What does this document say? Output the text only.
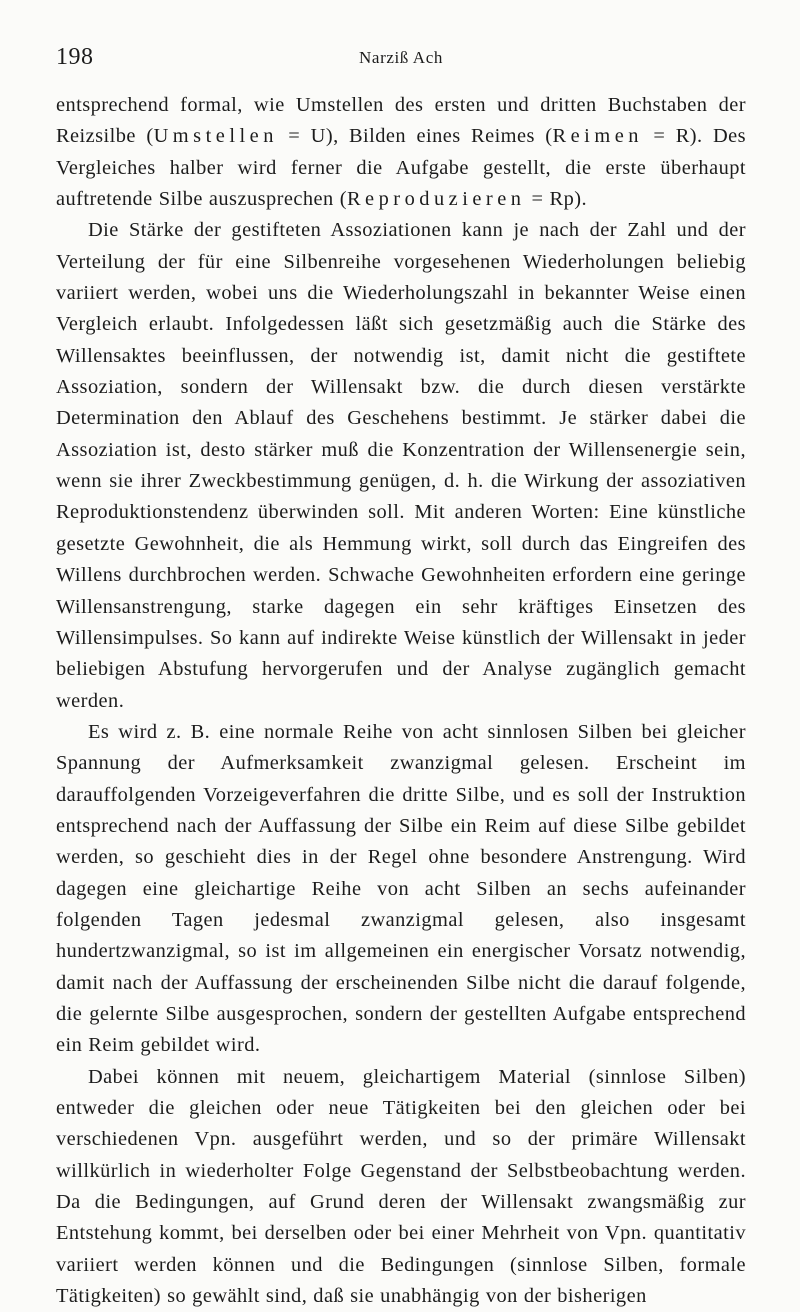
198	Narziß Ach

entsprechend formal, wie Umstellen des ersten und dritten Buchstaben der Reizsilbe (Umstellen = U), Bilden eines Reimes (Reimen = R). Des Vergleiches halber wird ferner die Aufgabe gestellt, die erste überhaupt auftretende Silbe auszusprechen (Reproduzieren = Rp).

Die Stärke der gestifteten Assoziationen kann je nach der Zahl und der Verteilung der für eine Silbenreihe vorgesehenen Wiederholungen beliebig variiert werden, wobei uns die Wiederholungszahl in bekannter Weise einen Vergleich erlaubt. Infolgedessen läßt sich gesetzmäßig auch die Stärke des Willensaktes beeinflussen, der notwendig ist, damit nicht die gestiftete Assoziation, sondern der Willensakt bzw. die durch diesen verstärkte Determination den Ablauf des Geschehens bestimmt. Je stärker dabei die Assoziation ist, desto stärker muß die Konzentration der Willensenergie sein, wenn sie ihrer Zweckbestimmung genügen, d. h. die Wirkung der assoziativen Reproduktionstendenz überwinden soll. Mit anderen Worten: Eine künstliche gesetzte Gewohnheit, die als Hemmung wirkt, soll durch das Eingreifen des Willens durchbrochen werden. Schwache Gewohnheiten erfordern eine geringe Willensanstrengung, starke dagegen ein sehr kräftiges Einsetzen des Willensimpulses. So kann auf indirekte Weise künstlich der Willensakt in jeder beliebigen Abstufung hervorgerufen und der Analyse zugänglich gemacht werden.

Es wird z. B. eine normale Reihe von acht sinnlosen Silben bei gleicher Spannung der Aufmerksamkeit zwanzigmal gelesen. Erscheint im darauffolgenden Vorzeigeverfahren die dritte Silbe, und es soll der Instruktion entsprechend nach der Auffassung der Silbe ein Reim auf diese Silbe gebildet werden, so geschieht dies in der Regel ohne besondere Anstrengung. Wird dagegen eine gleichartige Reihe von acht Silben an sechs aufeinander folgenden Tagen jedesmal zwanzigmal gelesen, also insgesamt hundertzwanzigmal, so ist im allgemeinen ein energischer Vorsatz notwendig, damit nach der Auffassung der erscheinenden Silbe nicht die darauf folgende, die gelernte Silbe ausgesprochen, sondern der gestellten Aufgabe entsprechend ein Reim gebildet wird.

Dabei können mit neuem, gleichartigem Material (sinnlose Silben) entweder die gleichen oder neue Tätigkeiten bei den gleichen oder bei verschiedenen Vpn. ausgeführt werden, und so der primäre Willensakt willkürlich in wiederholter Folge Gegenstand der Selbstbeobachtung werden. Da die Bedingungen, auf Grund deren der Willensakt zwangsmäßig zur Entstehung kommt, bei derselben oder bei einer Mehrheit von Vpn. quantitativ variiert werden können und die Bedingungen (sinnlose Silben, formale Tätigkeiten) so gewählt sind, daß sie unabhängig von der bisherigen
